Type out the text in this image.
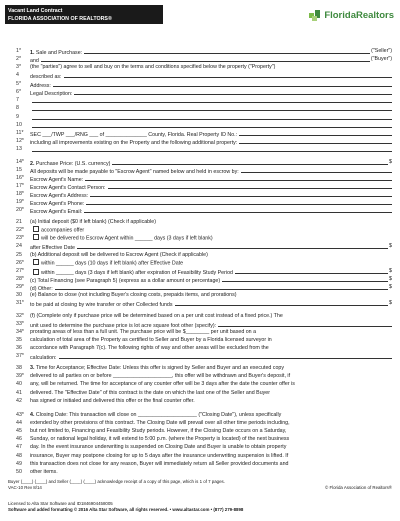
Vacant Land Contract
FLORIDA ASSOCIATION OF REALTORS®	FloridaRealtors
1*	1. Sale and Purchase:	("Seller")
2*	and	("Buyer")
3*	(the "parties") agree to sell and buy on the terms and conditions specified below the property ("Property")
4	described as:
5*	Address:
6*	Legal Description:
7
8
9
10
11*	SEC ___/TWP ___/RNG ___ of ______________ County, Florida. Real Property ID No.:
12*	including all improvements existing on the Property and the following additional property:
13
14*	2. Purchase Price: (U.S. currency)	$
15	All deposits will be made payable to "Escrow Agent" named below and held in escrow by:
16*	Escrow Agent's Name:
17*	Escrow Agent's Contact Person:
18*	Escrow Agent's Address:
19*	Escrow Agent's Phone:
20*	Escrow Agent's Email:
21	(a) Initial deposit ($0 if left blank) (Check if applicable)
22*	accompanies offer
23*	will be delivered to Escrow Agent within ______ days (3 days if left blank)
24	after Effective Date	$
25	(b) Additional deposit will be delivered to Escrow Agent (Check if applicable)
26*	within ______ days (10 days if left blank) after Effective Date
27*	within ______ days (3 days if left blank) after expiration of Feasibility Study Period	$
28*	(c) Total Financing (see Paragraph 5) (express as a dollar amount or percentage)	$
29*	(d) Other:	$
30	(e) Balance to close (not including Buyer's closing costs, prepaids items, and prorations)
31*	to be paid at closing by wire transfer or other Collected funds	$
32*	(f) (Complete only if purchase price will be determined based on a per unit cost instead of a fixed price.) The
33*	unit used to determine the purchase price is lot acre square foot other (specify):
34*	prorating areas of less than a full unit. The purchase price will be $________ per unit based on a
35	calculation of total area of the Property as certified to Seller and Buyer by a Florida licensed surveyor in
36	accordance with Paragraph 7(c). The following rights of way and other areas will be excluded from the
37*	calculation:
38	3. Time for Acceptance; Effective Date: Unless this offer is signed by Seller and Buyer and an executed copy
39*	delivered to all parties on or before ____________________, this offer will be withdrawn and Buyer's deposit, if
40	any, will be returned. The time for acceptance of any counter offer will be 3 days after the date the counter offer is
41	delivered. The "Effective Date" of this contract is the date on which the last one of the Seller and Buyer
42	has signed or initialed and delivered this offer or the final counter offer.
43*	4. Closing Date: This transaction will close on ____________________ ("Closing Date"), unless specifically
44	extended by other provisions of this contract. The Closing Date will prevail over all other time periods including,
45	but not limited to, Financing and Feasibility Study periods. However, if the Closing Date occurs on a Saturday,
46	Sunday, or national legal holiday, it will extend to 5:00 p.m. (where the Property is located) of the next business
47	day. In the event insurance underwriting is suspended on Closing Date and Buyer is unable to obtain property
48	insurance, Buyer may postpone closing for up to 5 days after the insurance underwriting suspension is lifted. If
49	this transaction does not close for any reason, Buyer will immediately return all Seller provided documents and
50	other items.
Buyer (____) (____) and Seller (____) (____) acknowledge receipt of a copy of this page, which is 1 of 7 pages.
VAC-10 Rev 8/14	© Florida Association of Realtors®
Licensed to Alta Star Software and ID1846904458005
Software and added formatting © 2016 Alta Star Software, all rights reserved. • www.altastar.com • (877) 279-8898
